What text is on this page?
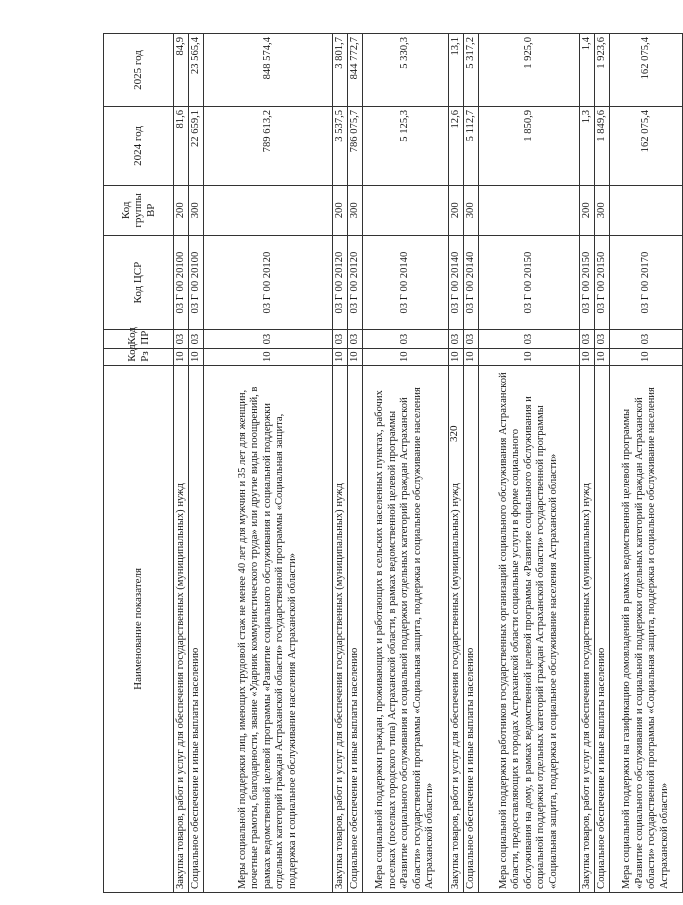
320
Наименование показателя	Код Рз	Код ПР	Код ЦСР	Код группы ВР	2024 год	2025 год
Закупка товаров, работ и услуг для обеспечения государственных (муниципальных) нужд	10	03	03 Г 00 20100	200	81,6	84,9
Социальное обеспечение и иные выплаты населению	10	03	03 Г 00 20100	300	22 659,1	23 565,4
Меры социальной поддержки лиц, имеющих трудовой стаж не менее 40 лет для мужчин и 35 лет для женщин, почетные грамоты, благодарности, звание «Ударник коммунистического труда» или другие виды поощрений, в рамках ведомственной целевой программы «Развитие социального обслуживания и социальной поддержки отдельных категорий граждан Астраханской области» государственной программы «Социальная защита, поддержка и социальное обслуживание населения Астраханской области»	10	03	03 Г 00 20120		789 613,2	848 574,4
Закупка товаров, работ и услуг для обеспечения государственных (муниципальных) нужд	10	03	03 Г 00 20120	200	3 537,5	3 801,7
Социальное обеспечение и иные выплаты населению	10	03	03 Г 00 20120	300	786 075,7	844 772,7
Мера социальной поддержки граждан, проживающих и работающих в сельских населенных пунктах, рабочих поселках (поселках городского типа) Астраханской области, в рамках ведомственной целевой программы «Развитие социального обслуживания и социальной поддержки отдельных категорий граждан Астраханской области» государственной программы «Социальная защита, поддержка и социальное обслуживание населения Астраханской области»	10	03	03 Г 00 20140		5 125,3	5 330,3
Закупка товаров, работ и услуг для обеспечения государственных (муниципальных) нужд	10	03	03 Г 00 20140	200	12,6	13,1
Социальное обеспечение и иные выплаты населению	10	03	03 Г 00 20140	300	5 112,7	5 317,2
Мера социальной поддержки работников государственных организаций социального обслуживания Астраханской области, предоставляющих в городах Астраханской области социальные услуги в форме социального обслуживания на дому, в рамках ведомственной целевой программы «Развитие социального обслуживания и социальной поддержки отдельных категорий граждан Астраханской области» государственной программы «Социальная защита, поддержка и социальное обслуживание населения Астраханской области»	10	03	03 Г 00 20150		1 850,9	1 925,0
Закупка товаров, работ и услуг для обеспечения государственных (муниципальных) нужд	10	03	03 Г 00 20150	200	1,3	1,4
Социальное обеспечение и иные выплаты населению	10	03	03 Г 00 20150	300	1 849,6	1 923,6
Мера социальной поддержки на газификацию домовладений в рамках ведомственной целевой программы «Развитие социального обслуживания и социальной поддержки отдельных категорий граждан Астраханской области» государственной программы «Социальная защита, поддержка и социальное обслуживание населения Астраханской области»	10	03	03 Г 00 20170		162 075,4	162 075,4
